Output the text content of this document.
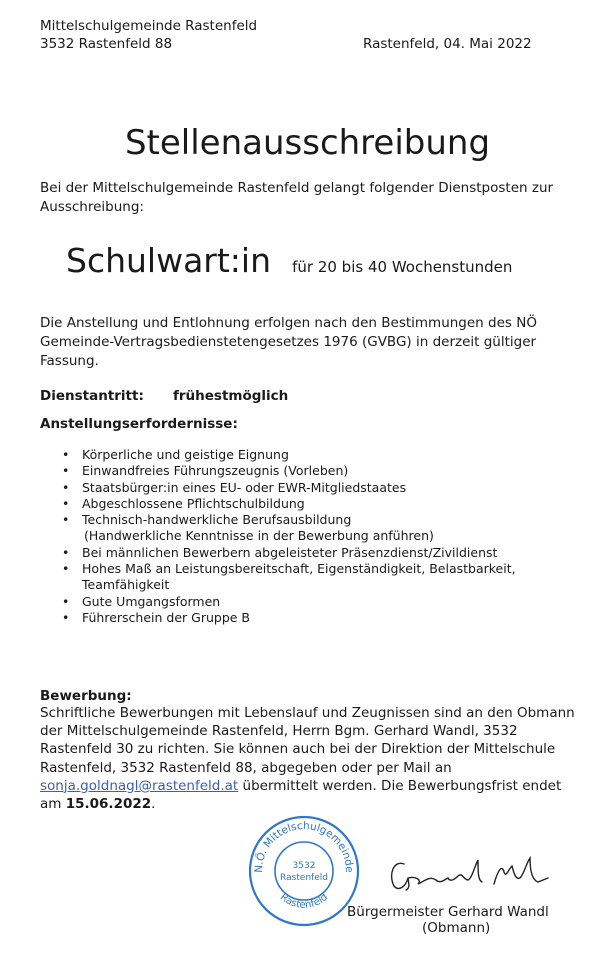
Mittelschulgemeinde Rastenfeld
3532 Rastenfeld 88	Rastenfeld, 04. Mai 2022
Stellenausschreibung
Bei der Mittelschulgemeinde Rastenfeld gelangt folgender Dienstposten zur Ausschreibung:
Schulwart:in für 20 bis 40 Wochenstunden
Die Anstellung und Entlohnung erfolgen nach den Bestimmungen des NÖ Gemeinde-Vertragsbedienstetengesetzes 1976 (GVBG) in derzeit gültiger Fassung.
Dienstantritt: frühestmöglich
Anstellungserfordernisse:
• Körperliche und geistige Eignung
• Einwandfreies Führungszeugnis (Vorleben)
• Staatsbürger:in eines EU- oder EWR-Mitgliedstaates
• Abgeschlossene Pflichtschulbildung
• Technisch-handwerkliche Berufsausbildung
(Handwerkliche Kenntnisse in der Bewerbung anführen)
• Bei männlichen Bewerbern abgeleisteter Präsenzdienst/Zivildienst
• Hohes Maß an Leistungsbereitschaft, Eigenständigkeit, Belastbarkeit, Teamfähigkeit
• Gute Umgangsformen
• Führerschein der Gruppe B
Bewerbung:
Schriftliche Bewerbungen mit Lebenslauf und Zeugnissen sind an den Obmann der Mittelschulgemeinde Rastenfeld, Herrn Bgm. Gerhard Wandl, 3532 Rastenfeld 30 zu richten. Sie können auch bei der Direktion der Mittelschule Rastenfeld, 3532 Rastenfeld 88, abgegeben oder per Mail an sonja.goldnagl@rastenfeld.at übermittelt werden. Die Bewerbungsfrist endet am 15.06.2022.
N.Ö. Mittelschulgemeinde
Rastenfeld
3532
Rastenfeld
Bürgermeister Gerhard Wandl
(Obmann)
